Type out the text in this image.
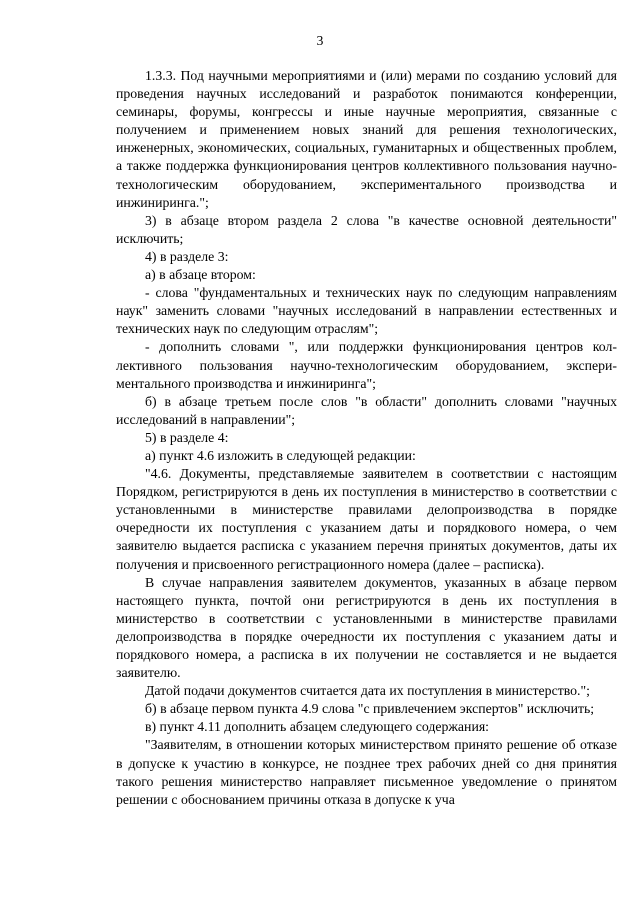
3

1.3.3. Под научными мероприятиями и (или) мерами по созданию условий для проведения научных исследований и разработок понимаются конференции, семинары, форумы, конгрессы и иные научные мероприятия, связанные с получением и применением новых знаний для решения технологических, инженерных, экономических, социальных, гуманитарных и общественных проблем, а также поддержка функционирования центров коллективного пользования научно-технологическим оборудованием, экспериментального производства и инжиниринга.";

3) в абзаце втором раздела 2 слова "в качестве основной деятельности" исключить;

4) в разделе 3:

а) в абзаце втором:

- слова "фундаментальных и технических наук по следующим направлениям наук" заменить словами "научных исследований в направлении естественных и технических наук по следующим отраслям";

- дополнить словами ", или поддержки функционирования центров коллективного пользования научно-технологическим оборудованием, экспериментального производства и инжиниринга";

б) в абзаце третьем после слов "в области" дополнить словами "научных исследований в направлении";

5) в разделе 4:

а) пункт 4.6 изложить в следующей редакции:

"4.6. Документы, представляемые заявителем в соответствии с настоящим Порядком, регистрируются в день их поступления в министерство в соответствии с установленными в министерстве правилами делопроизводства в порядке очередности их поступления с указанием даты и порядкового номера, о чем заявителю выдается расписка с указанием перечня принятых документов, даты их получения и присвоенного регистрационного номера (далее – расписка).

В случае направления заявителем документов, указанных в абзаце первом настоящего пункта, почтой они регистрируются в день их поступления в министерство в соответствии с установленными в министерстве правилами делопроизводства в порядке очередности их поступления с указанием даты и порядкового номера, а расписка в их получении не составляется и не выдается заявителю.

Датой подачи документов считается дата их поступления в министерство.";

б) в абзаце первом пункта 4.9 слова "с привлечением экспертов" исключить;

в) пункт 4.11 дополнить абзацем следующего содержания:

"Заявителям, в отношении которых министерством принято решение об отказе в допуске к участию в конкурсе, не позднее трех рабочих дней со дня принятия такого решения министерство направляет письменное уведомление о принятом решении с обоснованием причины отказа в допуске к уча
